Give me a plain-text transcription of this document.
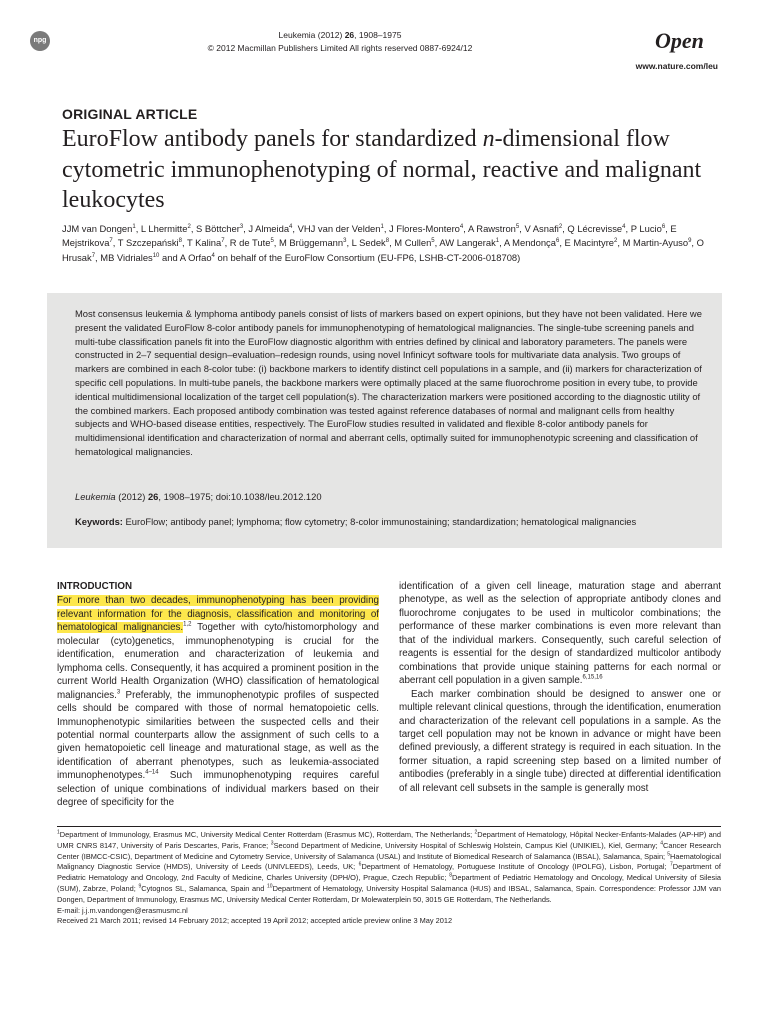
npg
Leukemia (2012) 26, 1908–1975
© 2012 Macmillan Publishers Limited All rights reserved 0887-6924/12	Open
www.nature.com/leu
ORIGINAL ARTICLE
EuroFlow antibody panels for standardized n-dimensional flow cytometric immunophenotyping of normal, reactive and malignant leukocytes
JJM van Dongen$^1$, L Lhermitte$^2$, S Böttcher$^3$, J Almeida$^4$, VHJ van der Velden$^1$, J Flores-Montero$^4$, A Rawstron$^5$, V Asnafi$^2$, Q Lécrevisse$^4$, P Lucio$^6$, E Mejstrikova$^7$, T Szczepański$^8$, T Kalina$^7$, R de Tute$^5$, M Brüggemann$^3$, L Sedek$^8$, M Cullen$^5$, AW Langerak$^1$, A Mendonça$^6$, E Macintyre$^2$, M Martin-Ayuso$^9$, O Hrusak$^7$, MB Vidriales$^{10}$ and A Orfao$^4$ on behalf of the EuroFlow Consortium (EU-FP6, LSHB-CT-2006-018708)
Most consensus leukemia & lymphoma antibody panels consist of lists of markers based on expert opinions, but they have not been validated. Here we present the validated EuroFlow 8-color antibody panels for immunophenotyping of hematological malignancies. The single-tube screening panels and multi-tube classification panels fit into the EuroFlow diagnostic algorithm with entries defined by clinical and laboratory parameters. The panels were constructed in 2–7 sequential design–evaluation–redesign rounds, using novel Infinicyt software tools for multivariate data analysis. Two groups of markers are combined in each 8-color tube: (i) backbone markers to identify distinct cell populations in a sample, and (ii) markers for characterization of specific cell populations. In multi-tube panels, the backbone markers were optimally placed at the same fluorochrome position in every tube, to provide identical multidimensional localization of the target cell population(s). The characterization markers were positioned according to the diagnostic utility of the combined markers. Each proposed antibody combination was tested against reference databases of normal and malignant cells from healthy subjects and WHO-based disease entities, respectively. The EuroFlow studies resulted in validated and flexible 8-color antibody panels for multidimensional identification and characterization of normal and aberrant cells, optimally suited for immunophenotypic screening and classification of hematological malignancies.
Leukemia (2012) 26, 1908–1975; doi:10.1038/leu.2012.120
Keywords: EuroFlow; antibody panel; lymphoma; flow cytometry; 8-color immunostaining; standardization; hematological malignancies
INTRODUCTION
For more than two decades, immunophenotyping has been providing relevant information for the diagnosis, classification and monitoring of hematological malignancies.$^{1,2}$ Together with cyto/histomorphology and molecular (cyto)genetics, immunophenotyping is crucial for the identification, enumeration and characterization of leukemia and lymphoma cells. Consequently, it has acquired a prominent position in the current World Health Organization (WHO) classification of hematological malignancies.$^3$ Preferably, the immunophenotypic profiles of suspected cells should be compared with those of normal hematopoietic cells. Immunophenotypic similarities between the suspected cells and their potential normal counterparts allow the assignment of such cells to a given hematopoietic cell lineage and maturational stage, as well as the identification of aberrant phenotypes, such as leukemia-associated immunophenotypes.$^{4-14}$ Such immunophenotyping requires careful selection of unique combinations of individual markers based on their degree of specificity for the
identification of a given cell lineage, maturation stage and aberrant phenotype, as well as the selection of appropriate antibody clones and fluorochrome conjugates to be used in multicolor combinations; the performance of these marker combinations is even more relevant than that of the individual markers. Consequently, such careful selection of reagents is essential for the design of standardized multicolor antibody combinations that provide unique staining patterns for each normal or aberrant cell population in a given sample.$^{6,15,16}$
Each marker combination should be designed to answer one or multiple relevant clinical questions, through the identification, enumeration and characterization of the relevant cell populations in a sample. As the target cell population may not be known in advance or might have been defined previously, a different strategy is required in each situation. In the former situation, a rapid screening step based on a limited number of antibodies (preferably in a single tube) directed at differential identification of all relevant cell subsets in the sample is generally most
$^1$Department of Immunology, Erasmus MC, University Medical Center Rotterdam (Erasmus MC), Rotterdam, The Netherlands; $^2$Department of Hematology, Hôpital Necker-Enfants-Malades (AP-HP) and UMR CNRS 8147, University of Paris Descartes, Paris, France; $^3$Second Department of Medicine, University Hospital of Schleswig Holstein, Campus Kiel (UNIKIEL), Kiel, Germany; $^4$Cancer Research Center (IBMCC-CSIC), Department of Medicine and Cytometry Service, University of Salamanca (USAL) and Institute of Biomedical Research of Salamanca (IBSAL), Salamanca, Spain; $^5$Haematological Malignancy Diagnostic Service (HMDS), University of Leeds (UNIVLEEDS), Leeds, UK; $^6$Department of Hematology, Portuguese Institute of Oncology (IPOLFG), Lisbon, Portugal; $^7$Department of Pediatric Hematology and Oncology, 2nd Faculty of Medicine, Charles University (DPH/O), Prague, Czech Republic; $^8$Department of Pediatric Hematology and Oncology, Medical University of Silesia (SUM), Zabrze, Poland; $^9$Cytognos SL, Salamanca, Spain and $^{10}$Department of Hematology, University Hospital Salamanca (HUS) and IBSAL, Salamanca, Spain. Correspondence: Professor JJM van Dongen, Department of Immunology, Erasmus MC, University Medical Center Rotterdam, Dr Molewaterplein 50, 3015 GE Rotterdam, The Netherlands.
E-mail: j.j.m.vandongen@erasmusmc.nl
Received 21 March 2011; revised 14 February 2012; accepted 19 April 2012; accepted article preview online 3 May 2012
